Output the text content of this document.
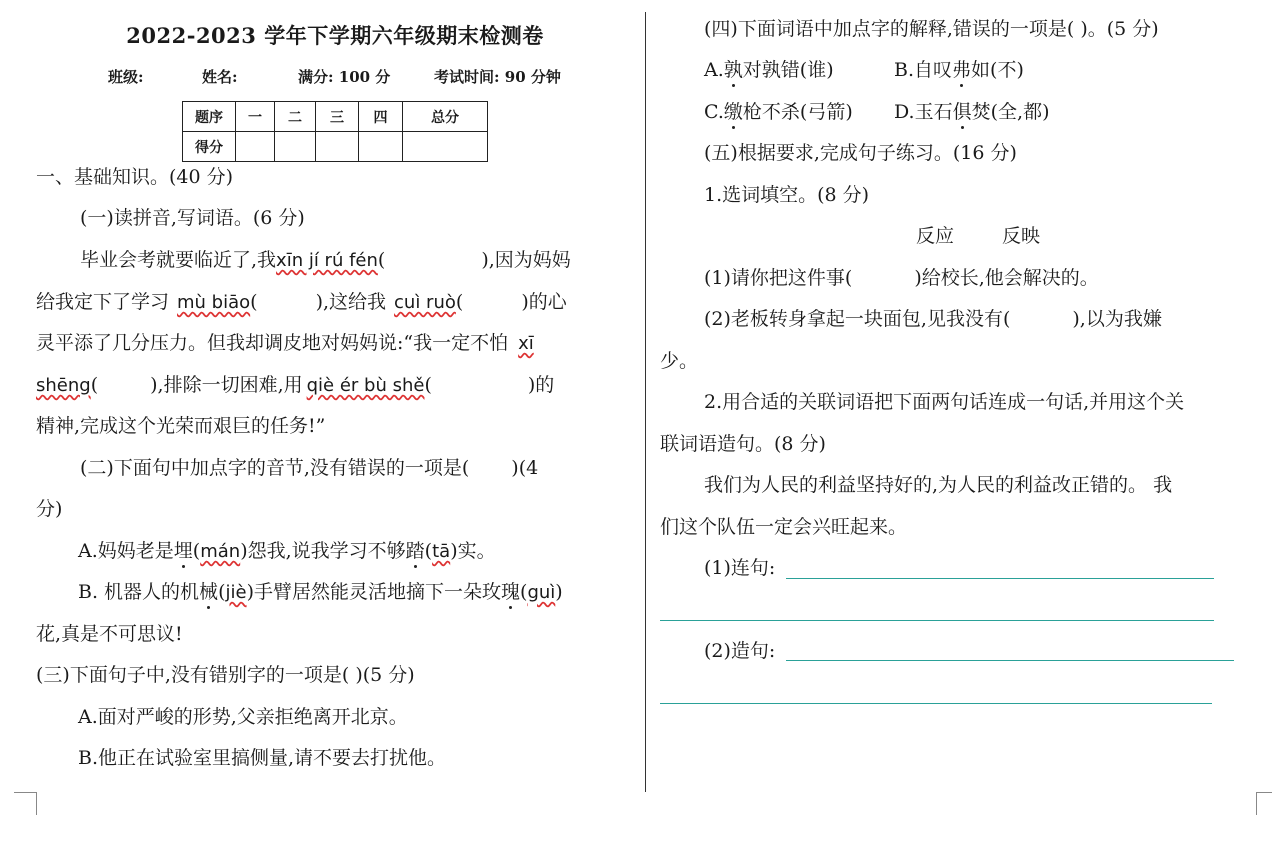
2022-2023 学年下学期六年级期末检测卷
班级:	姓名:	满分: 100 分	考试时间: 90 分钟
题序	一	二	三	四	总分
得分					
一、基础知识。(40 分)
(一)读拼音,写词语。(6 分)
毕业会考就要临近了,我xīn jí rú fén(	),因为妈妈
给我定下了学习 mù biāo(	),这给我 cuì ruò(	)的心
灵平添了几分压力。但我却调皮地对妈妈说:“我一定不怕 xī
shēng(	),排除一切困难,用 qiè ér bù shě(	)的
精神,完成这个光荣而艰巨的任务!”
(二)下面句中加点字的音节,没有错误的一项是( )(4
分)
A.妈妈老是埋(mán)怨我,说我学习不够踏(tā)实。
B. 机器人的机械(jiè)手臂居然能灵活地摘下一朵玫瑰(guì)
花,真是不可思议!
(三)下面句子中,没有错别字的一项是( )(5 分)
A.面对严峻的形势,父亲拒绝离开北京。
B.他正在试验室里搞侧量,请不要去打扰他。
(四)下面词语中加点字的解释,错误的一项是( )。(5 分)
A.孰对孰错(谁)	B.自叹弗如(不)
C.缴枪不杀(弓箭) D.玉石俱焚(全,都)
(五)根据要求,完成句子练习。(16 分)
1.选词填空。(8 分)
反应	反映
(1)请你把这件事(	)给校长,他会解决的。
(2)老板转身拿起一块面包,见我没有(	),以为我嫌
少。
2.用合适的关联词语把下面两句话连成一句话,并用这个关
联词语造句。(8 分)
我们为人民的利益坚持好的,为人民的利益改正错的。 我
们这个队伍一定会兴旺起来。
(1)连句:
(2)造句:
